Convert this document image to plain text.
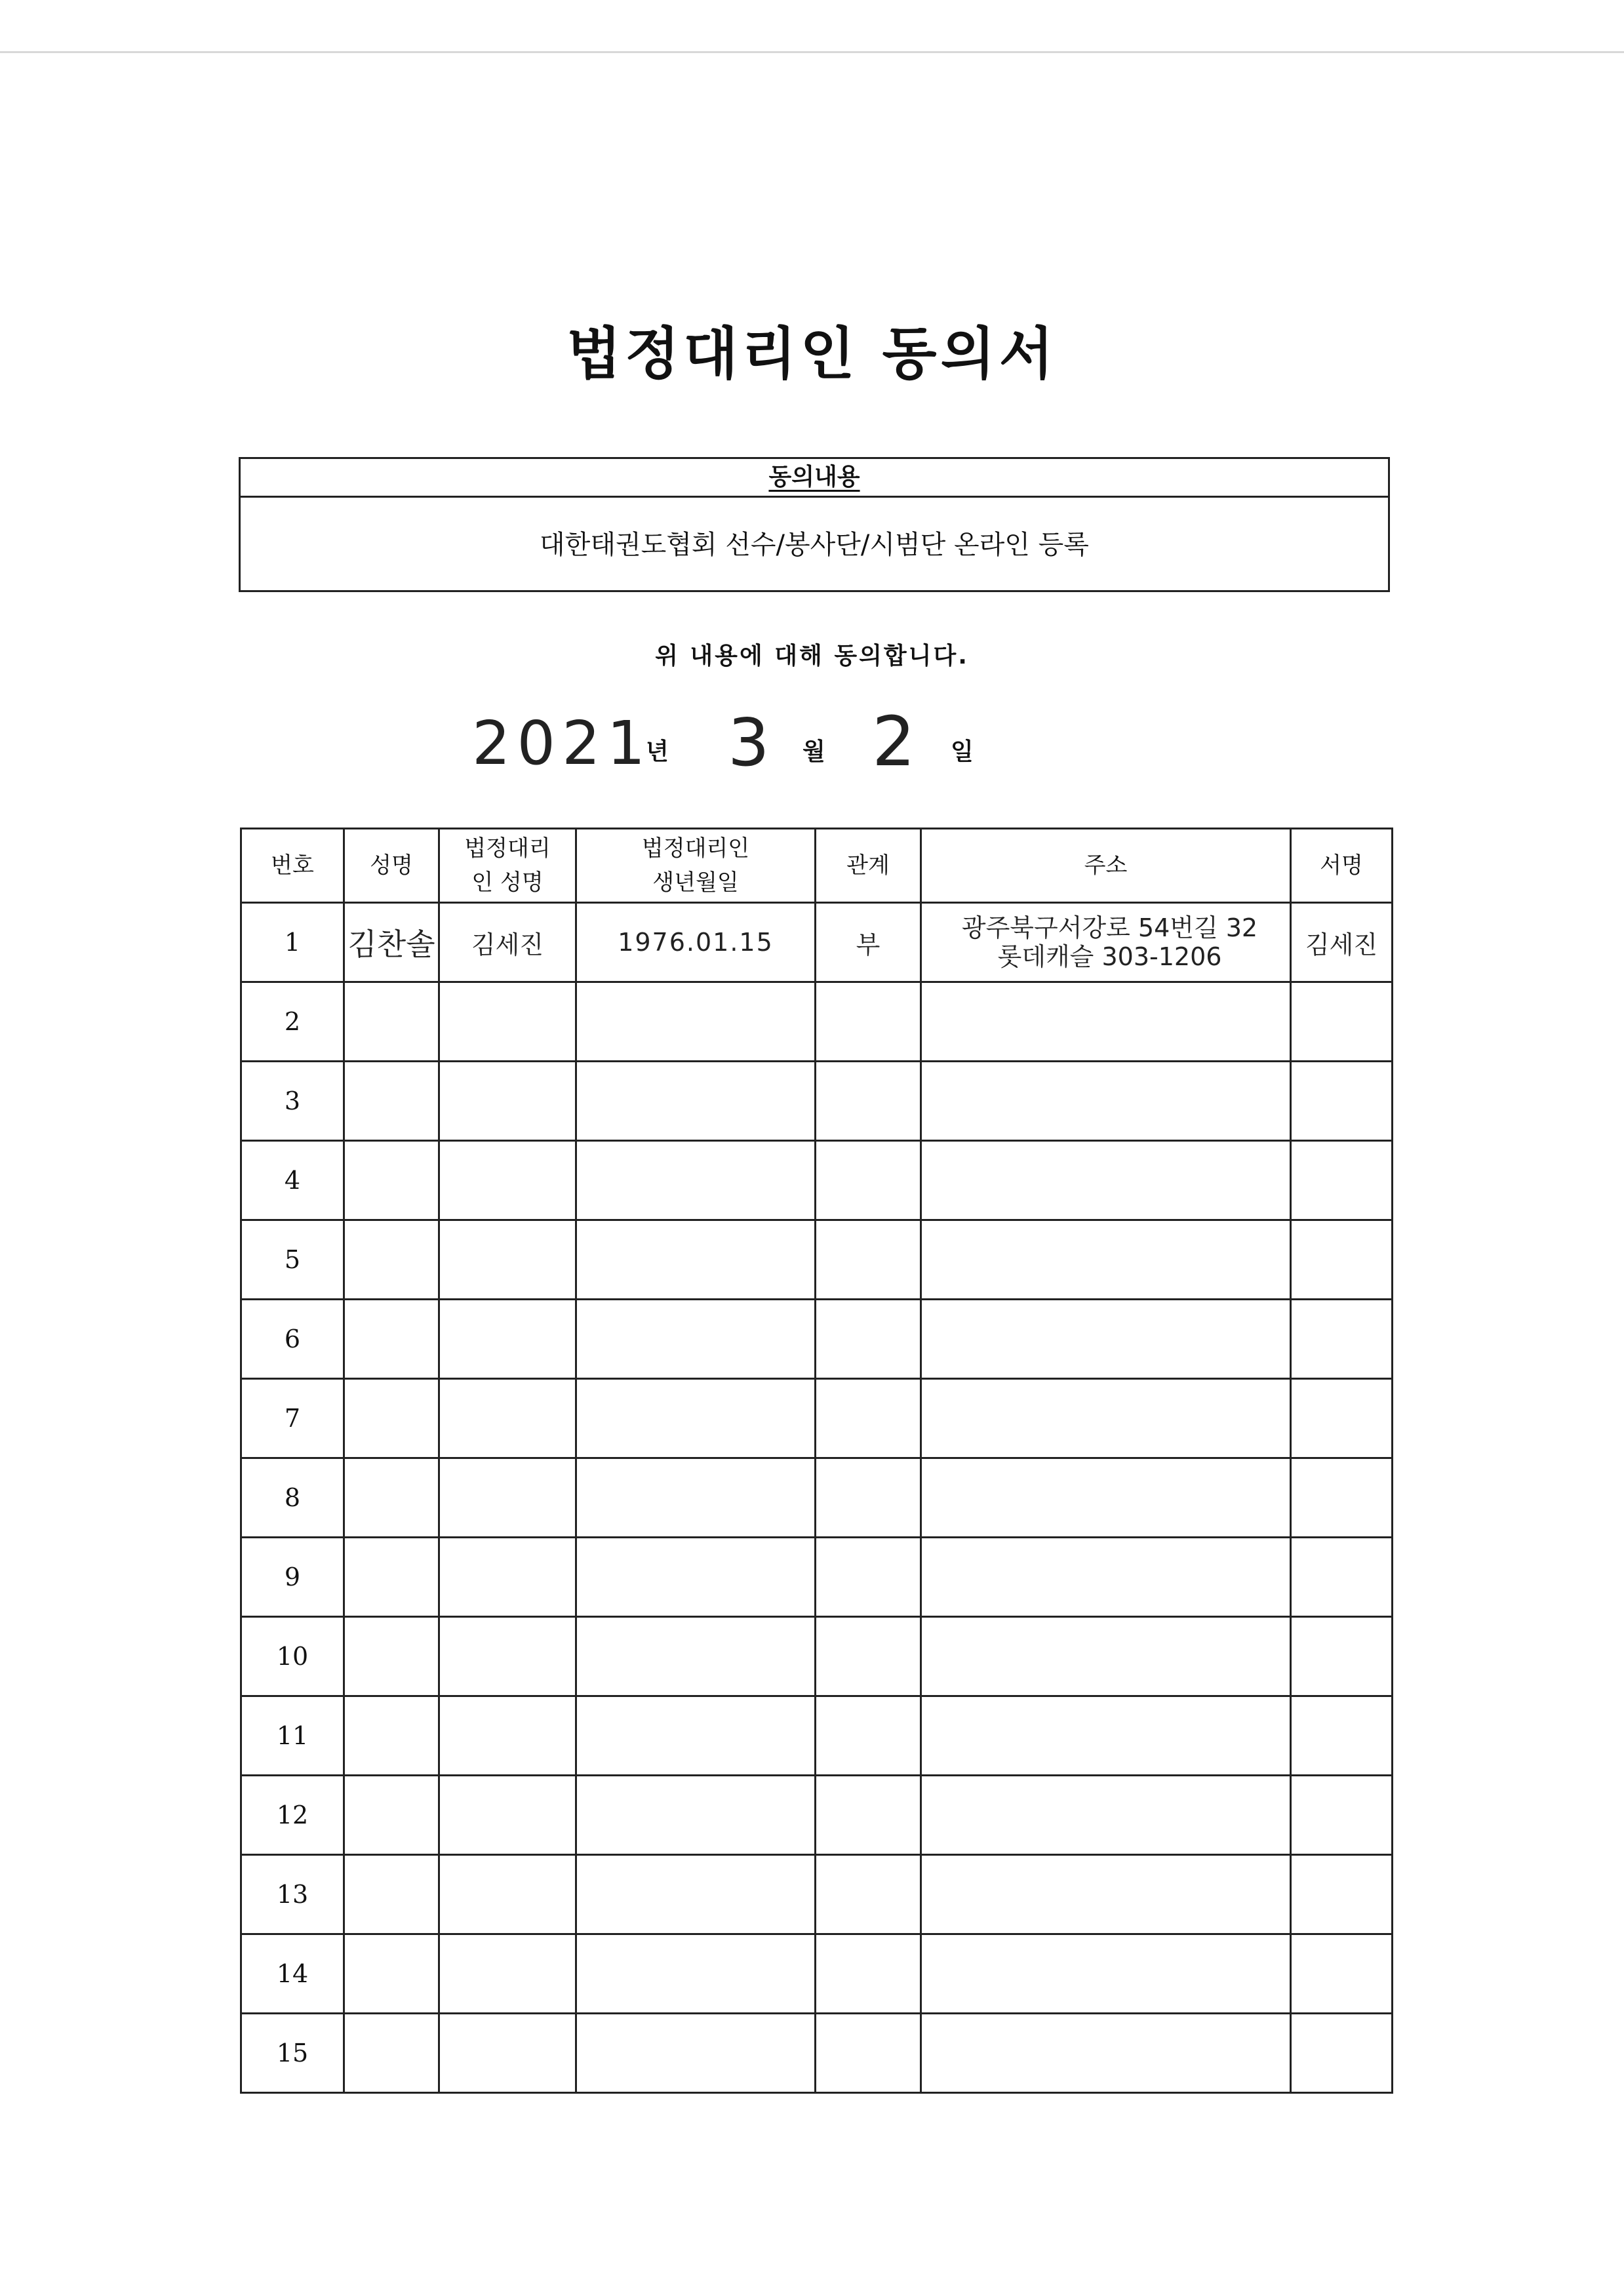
법정대리인 동의서
동의내용
대한태권도협회 선수/봉사단/시범단 온라인 등록
위 내용에 대해 동의합니다.
2021
년 3 월 2 일
번호	성명	법정대리인 성명	법정대리인 생년월일	관계	주소	서명
1	김찬솔	김세진	1976.01.15	부	광주북구서강로 54번길 32
롯데캐슬 303-1206	김세진
2						
3						
4						
5						
6						
7						
8						
9						
10						
11						
12						
13						
14						
15						
